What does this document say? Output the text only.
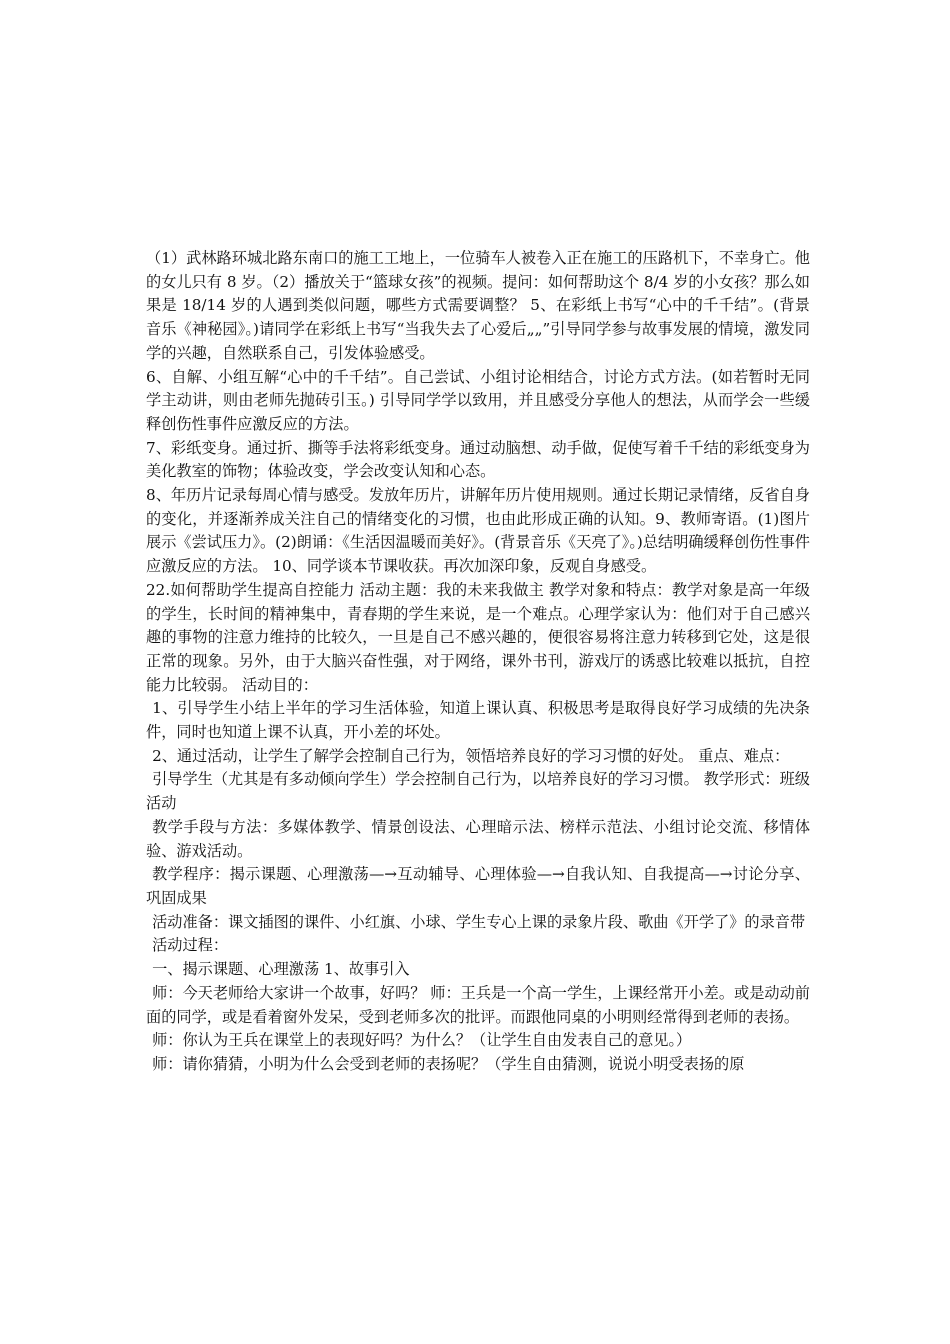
（1）武林路环城北路东南口的施工工地上，一位骑车人被卷入正在施工的压路机下，不幸身亡。他的女儿只有 8 岁。（2）播放关于“篮球女孩”的视频。提问：如何帮助这个 8/4 岁的小女孩？那么如果是 18/14 岁的人遇到类似问题，哪些方式需要调整？ 5、在彩纸上书写“心中的千千结”。(背景音乐《神秘园》。)请同学在彩纸上书写“当我失去了心爱后„„”引导同学参与故事发展的情境，激发同学的兴趣，自然联系自己，引发体验感受。

6、自解、小组互解“心中的千千结”。自己尝试、小组讨论相结合，讨论方式方法。(如若暂时无同学主动讲，则由老师先抛砖引玉。) 引导同学学以致用，并且感受分享他人的想法，从而学会一些缓释创伤性事件应激反应的方法。

7、彩纸变身。通过折、撕等手法将彩纸变身。通过动脑想、动手做，促使写着千千结的彩纸变身为美化教室的饰物；体验改变，学会改变认知和心态。

8、年历片记录每周心情与感受。发放年历片，讲解年历片使用规则。通过长期记录情绪，反省自身的变化，并逐渐养成关注自己的情绪变化的习惯，也由此形成正确的认知。9、教师寄语。(1)图片展示《尝试压力》。(2)朗诵：《生活因温暖而美好》。(背景音乐《天亮了》。)总结明确缓释创伤性事件应激反应的方法。 10、同学谈本节课收获。再次加深印象，反观自身感受。

22.如何帮助学生提高自控能力 活动主题：我的未来我做主 教学对象和特点：教学对象是高一年级的学生，长时间的精神集中，青春期的学生来说，是一个难点。心理学家认为：他们对于自己感兴趣的事物的注意力维持的比较久，一旦是自己不感兴趣的，便很容易将注意力转移到它处，这是很正常的现象。另外，由于大脑兴奋性强，对于网络，课外书刊，游戏厅的诱惑比较难以抵抗，自控能力比较弱。 活动目的：

1、引导学生小结上半年的学习生活体验，知道上课认真、积极思考是取得良好学习成绩的先决条件，同时也知道上课不认真，开小差的坏处。

2、通过活动，让学生了解学会控制自己行为，领悟培养良好的学习习惯的好处。 重点、难点：

引导学生（尤其是有多动倾向学生）学会控制自己行为，以培养良好的学习习惯。 教学形式：班级活动

教学手段与方法：多媒体教学、情景创设法、心理暗示法、榜样示范法、小组讨论交流、移情体验、游戏活动。

教学程序：揭示课题、心理激荡—→互动辅导、心理体验—→自我认知、自我提高—→讨论分享、巩固成果

活动准备：课文插图的课件、小红旗、小球、学生专心上课的录象片段、歌曲《开学了》的录音带

活动过程：

一、揭示课题、心理激荡 1、故事引入

师：今天老师给大家讲一个故事，好吗？ 师：王兵是一个高一学生，上课经常开小差。或是动动前面的同学，或是看着窗外发呆，受到老师多次的批评。而跟他同桌的小明则经常得到老师的表扬。

师：你认为王兵在课堂上的表现好吗？为什么？（让学生自由发表自己的意见。）

师：请你猜猜，小明为什么会受到老师的表扬呢？（学生自由猜测，说说小明受表扬的原
